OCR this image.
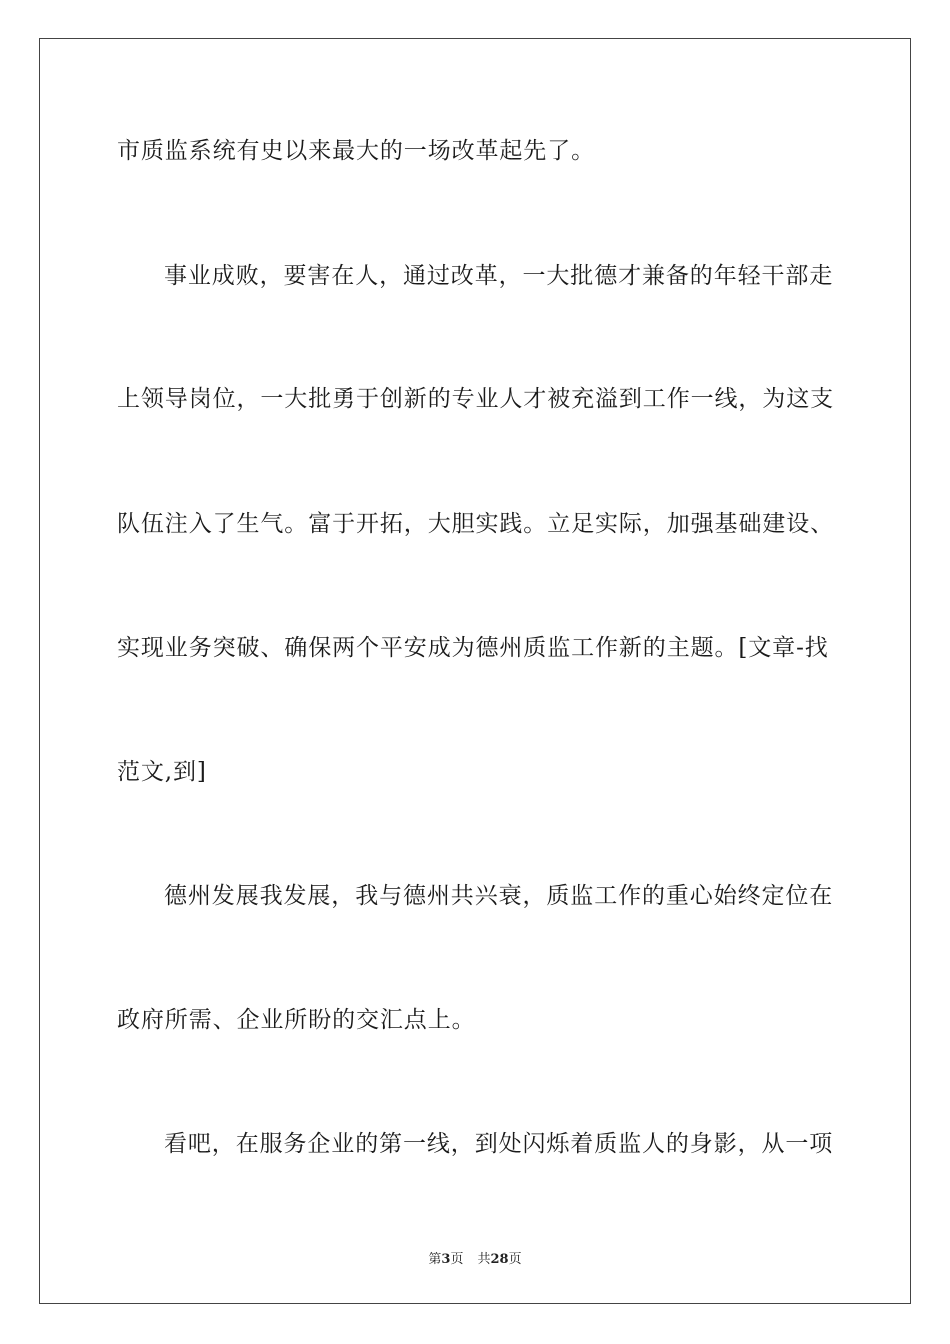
市质监系统有史以来最大的一场改革起先了。
事业成败，要害在人，通过改革，一大批德才兼备的年轻干部走
上领导岗位，一大批勇于创新的专业人才被充溢到工作一线，为这支
队伍注入了生气。富于开拓，大胆实践。立足实际，加强基础建设、
实现业务突破、确保两个平安成为德州质监工作新的主题。[文章-找
范文,到]
德州发展我发展，我与德州共兴衰，质监工作的重心始终定位在
政府所需、企业所盼的交汇点上。
看吧，在服务企业的第一线，到处闪烁着质监人的身影，从一项
第3页 共28页
